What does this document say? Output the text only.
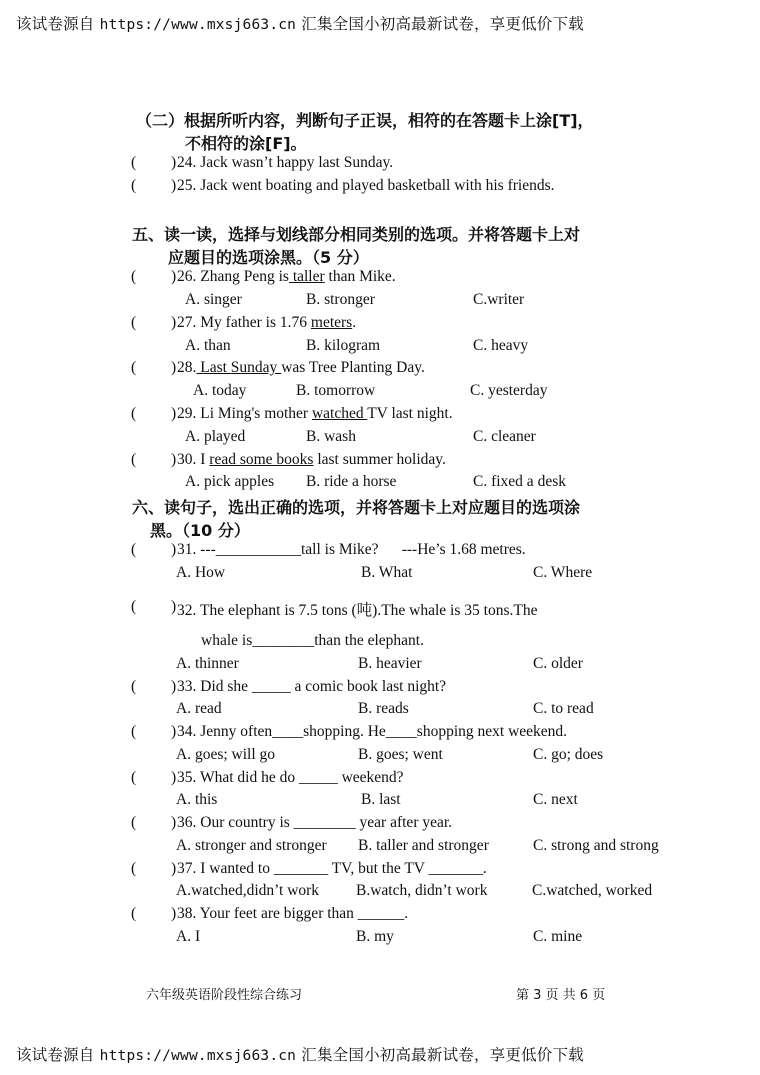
该试卷源自 https://www.mxsj663.cn 汇集全国小初高最新试卷，享更低价下载
（二）根据所听内容，判断句子正误，相符的在答题卡上涂[T]，
不相符的涂[F]。
( ) 24. Jack wasn’t happy last Sunday.
( ) 25. Jack went boating and played basketball with his friends.
五、读一读，选择与划线部分相同类别的选项。并将答题卡上对
应题目的选项涂黑。（5 分）
( ) 26. Zhang Peng is taller than Mike.
A. singer	B. stronger	C.writer
( ) 27. My father is 1.76 meters.
A. than	B. kilogram	C. heavy
( ) 28. Last Sunday was Tree Planting Day.
A. today	B. tomorrow	C. yesterday
( ) 29. Li Ming's mother watched TV last night.
A. played	B. wash	C. cleaner
( ) 30. I read some books last summer holiday.
A. pick apples B. ride a horse	C. fixed a desk
六、读句子，选出正确的选项，并将答题卡上对应题目的选项涂
黑。（10 分）
( ) 31. ---___________tall is Mike?      ---He’s 1.68 metres.
A. How	B. What	C. Where
( ) 32. The elephant is 7.5 tons (吨).The whale is 35 tons.The
whale is________than the elephant.
A. thinner	B. heavier	C. older
( ) 33. Did she _____ a comic book last night?
A. read	B. reads	C. to read
( ) 34. Jenny often____shopping. He____shopping next weekend.
A. goes; will go	B. goes; went	C. go; does
( ) 35. What did he do _____ weekend?
A. this	B. last	C. next
( ) 36. Our country is ________ year after year.
A. stronger and stronger B. taller and stronger	C. strong and strong
( ) 37. I wanted to _______ TV, but the TV _______.
A.watched,didn’t work B.watch, didn’t work	C.watched, worked
( ) 38. Your feet are bigger than ______.
A. I	B. my	C. mine
六年级英语阶段性综合练习	第 3 页 共 6 页
该试卷源自 https://www.mxsj663.cn 汇集全国小初高最新试卷，享更低价下载
